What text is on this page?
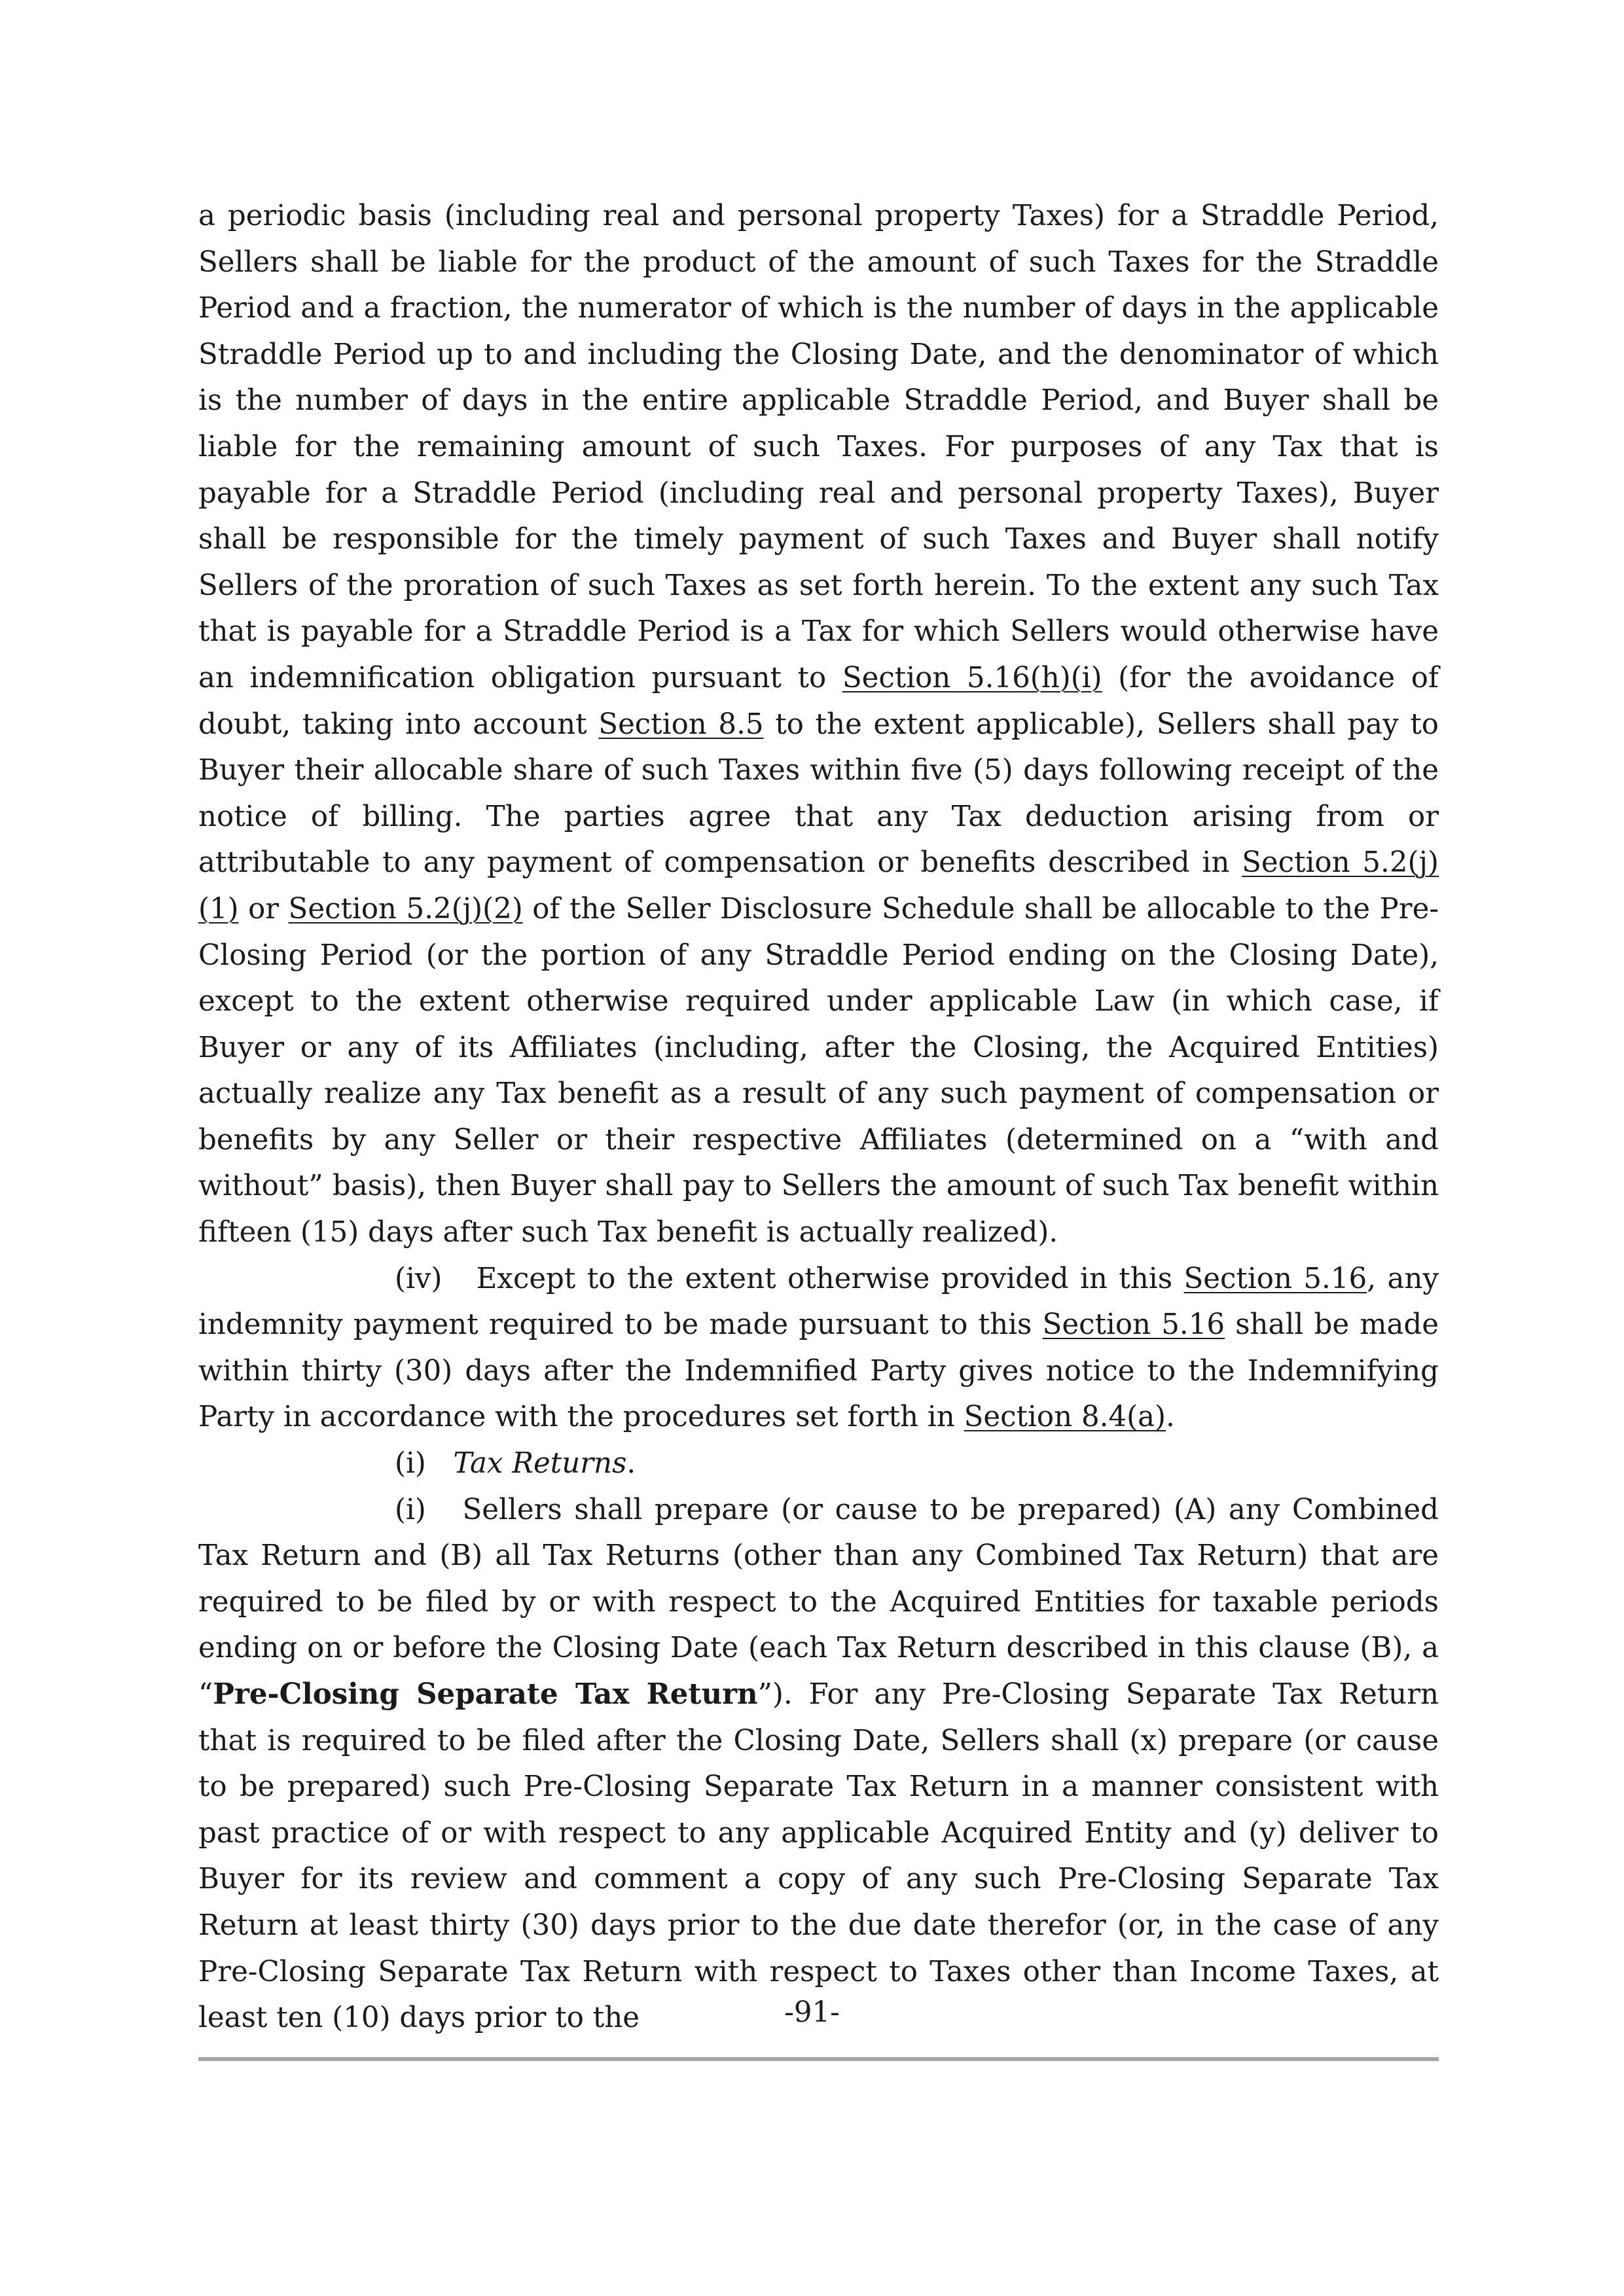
a periodic basis (including real and personal property Taxes) for a Straddle Period, Sellers shall be liable for the product of the amount of such Taxes for the Straddle Period and a fraction, the numerator of which is the number of days in the applicable Straddle Period up to and including the Closing Date, and the denominator of which is the number of days in the entire applicable Straddle Period, and Buyer shall be liable for the remaining amount of such Taxes. For purposes of any Tax that is payable for a Straddle Period (including real and personal property Taxes), Buyer shall be responsible for the timely payment of such Taxes and Buyer shall notify Sellers of the proration of such Taxes as set forth herein. To the extent any such Tax that is payable for a Straddle Period is a Tax for which Sellers would otherwise have an indemnification obligation pursuant to Section 5.16(h)(i) (for the avoidance of doubt, taking into account Section 8.5 to the extent applicable), Sellers shall pay to Buyer their allocable share of such Taxes within five (5) days following receipt of the notice of billing. The parties agree that any Tax deduction arising from or attributable to any payment of compensation or benefits described in Section 5.2(j)(1) or Section 5.2(j)(2) of the Seller Disclosure Schedule shall be allocable to the Pre-Closing Period (or the portion of any Straddle Period ending on the Closing Date), except to the extent otherwise required under applicable Law (in which case, if Buyer or any of its Affiliates (including, after the Closing, the Acquired Entities) actually realize any Tax benefit as a result of any such payment of compensation or benefits by any Seller or their respective Affiliates (determined on a “with and without” basis), then Buyer shall pay to Sellers the amount of such Tax benefit within fifteen (15) days after such Tax benefit is actually realized).

(iv)   Except to the extent otherwise provided in this Section 5.16, any indemnity payment required to be made pursuant to this Section 5.16 shall be made within thirty (30) days after the Indemnified Party gives notice to the Indemnifying Party in accordance with the procedures set forth in Section 8.4(a).

(i)   Tax Returns.

(i)   Sellers shall prepare (or cause to be prepared) (A) any Combined Tax Return and (B) all Tax Returns (other than any Combined Tax Return) that are required to be filed by or with respect to the Acquired Entities for taxable periods ending on or before the Closing Date (each Tax Return described in this clause (B), a “Pre-Closing Separate Tax Return”). For any Pre-Closing Separate Tax Return that is required to be filed after the Closing Date, Sellers shall (x) prepare (or cause to be prepared) such Pre-Closing Separate Tax Return in a manner consistent with past practice of or with respect to any applicable Acquired Entity and (y) deliver to Buyer for its review and comment a copy of any such Pre-Closing Separate Tax Return at least thirty (30) days prior to the due date therefor (or, in the case of any Pre-Closing Separate Tax Return with respect to Taxes other than Income Taxes, at least ten (10) days prior to the	-91-
